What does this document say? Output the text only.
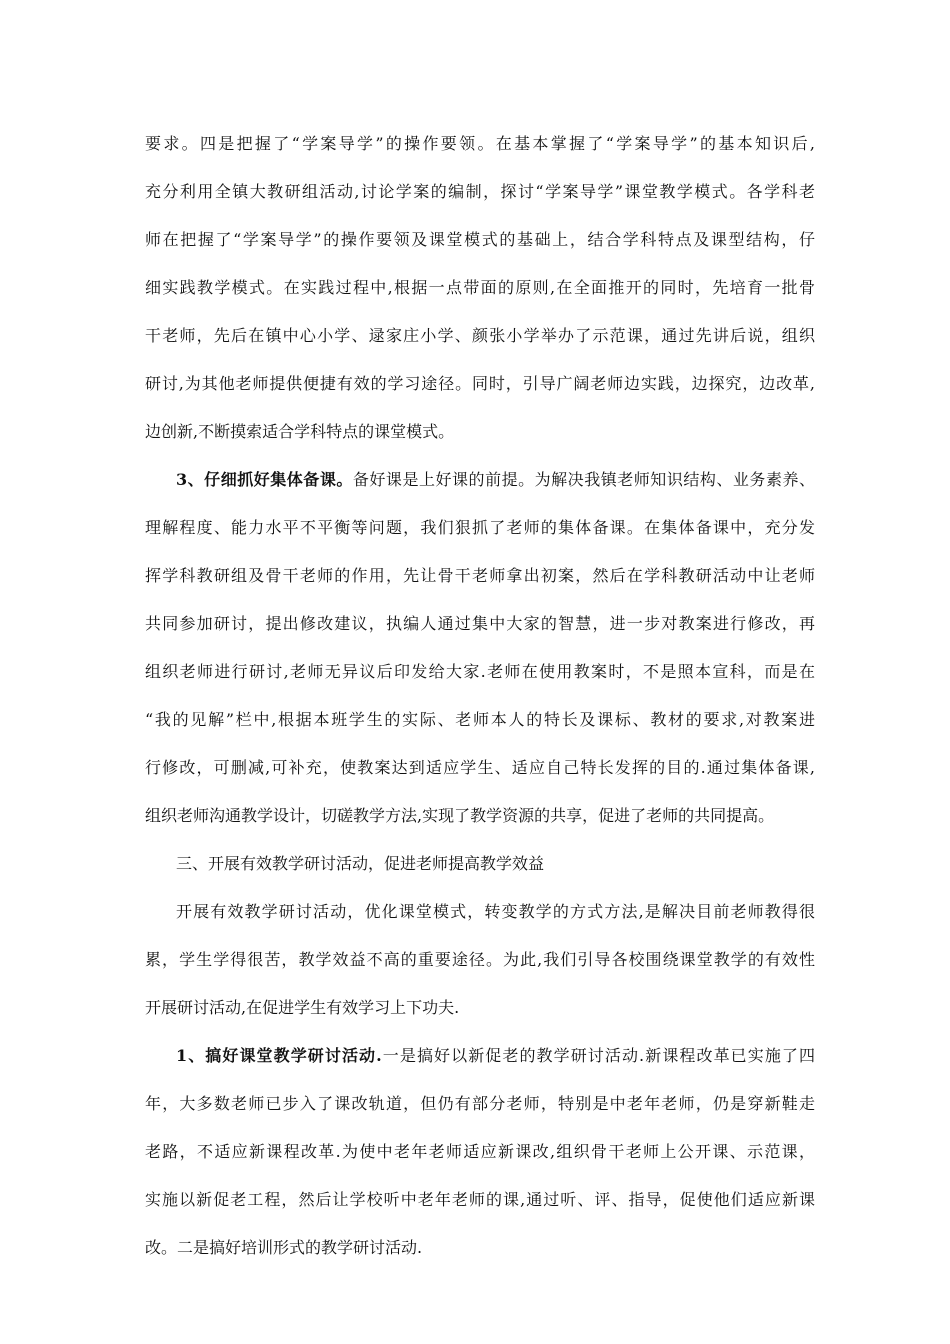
要求。四是把握了“学案导学”的操作要领。在基本掌握了“学案导学”的基本知识后,
充分利用全镇大教研组活动,讨论学案的编制，探讨“学案导学”课堂教学模式。各学科老
师在把握了“学案导学”的操作要领及课堂模式的基础上，结合学科特点及课型结构，仔
细实践教学模式。在实践过程中,根据一点带面的原则,在全面推开的同时，先培育一批骨
干老师，先后在镇中心小学、逯家庄小学、颜张小学举办了示范课，通过先讲后说，组织
研讨,为其他老师提供便捷有效的学习途径。同时，引导广阔老师边实践，边探究，边改革,
边创新,不断摸索适合学科特点的课堂模式。
3、仔细抓好集体备课。备好课是上好课的前提。为解决我镇老师知识结构、业务素养、
理解程度、能力水平不平衡等问题，我们狠抓了老师的集体备课。在集体备课中，充分发
挥学科教研组及骨干老师的作用，先让骨干老师拿出初案，然后在学科教研活动中让老师
共同参加研讨，提出修改建议，执编人通过集中大家的智慧，进一步对教案进行修改，再
组织老师进行研讨,老师无异议后印发给大家.老师在使用教案时，不是照本宣科，而是在
“我的见解”栏中,根据本班学生的实际、老师本人的特长及课标、教材的要求,对教案进
行修改，可删减,可补充，使教案达到适应学生、适应自己特长发挥的目的.通过集体备课,
组织老师沟通教学设计，切磋教学方法,实现了教学资源的共享，促进了老师的共同提高。
三、开展有效教学研讨活动，促进老师提高教学效益
开展有效教学研讨活动，优化课堂模式，转变教学的方式方法,是解决目前老师教得很
累，学生学得很苦，教学效益不高的重要途径。为此,我们引导各校围绕课堂教学的有效性
开展研讨活动,在促进学生有效学习上下功夫.
1、搞好课堂教学研讨活动.一是搞好以新促老的教学研讨活动.新课程改革已实施了四
年，大多数老师已步入了课改轨道，但仍有部分老师，特别是中老年老师，仍是穿新鞋走
老路，不适应新课程改革.为使中老年老师适应新课改,组织骨干老师上公开课、示范课，
实施以新促老工程，然后让学校听中老年老师的课,通过听、评、指导，促使他们适应新课
改。二是搞好培训形式的教学研讨活动.
